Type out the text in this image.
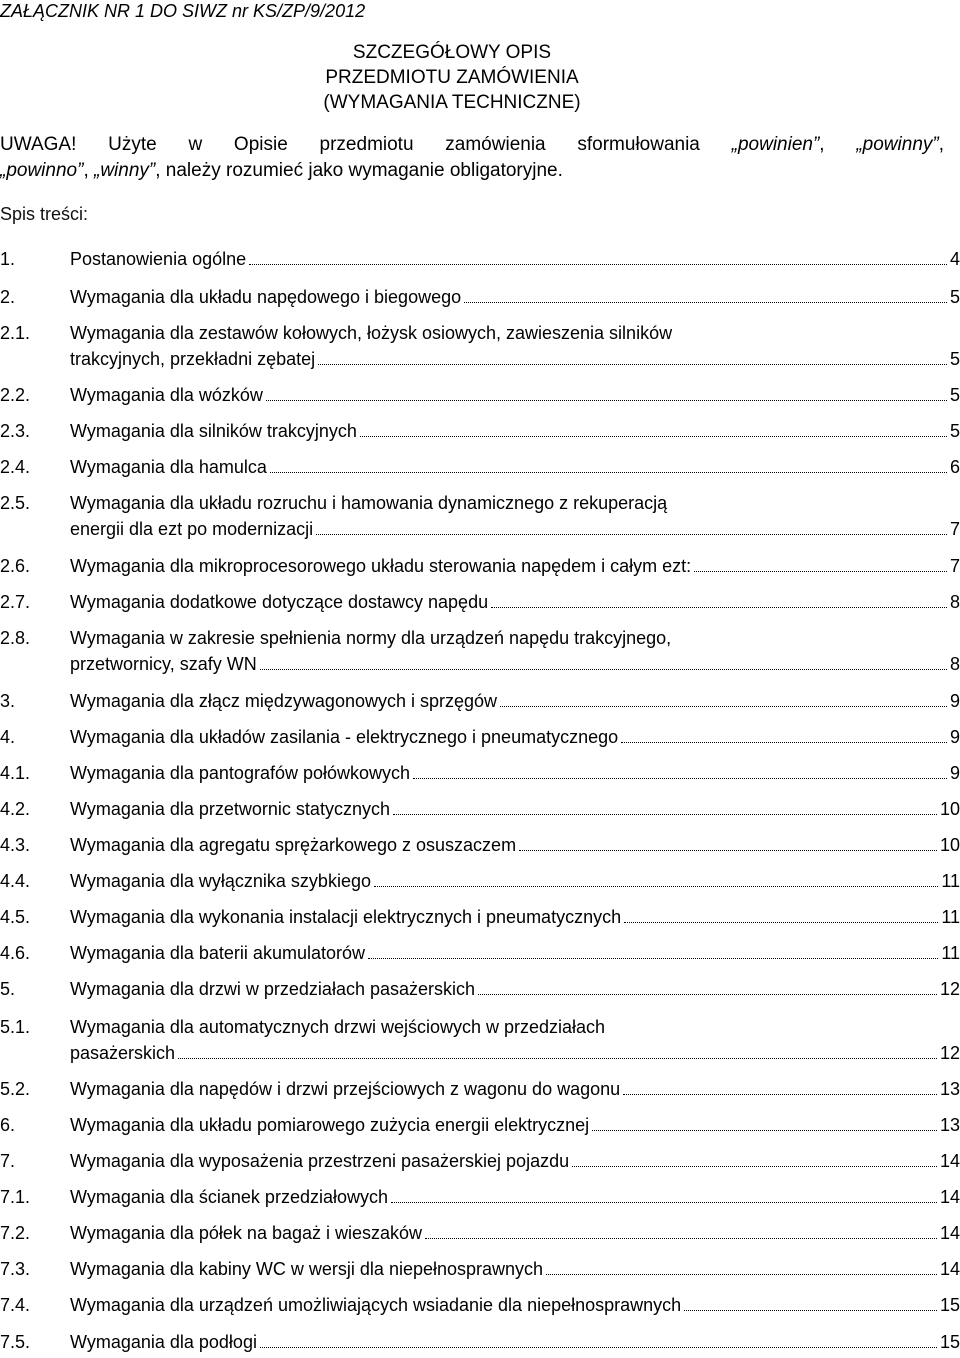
ZAŁĄCZNIK NR 1 DO SIWZ nr KS/ZP/9/2012
SZCZEGÓŁOWY OPIS
PRZEDMIOTU ZAMÓWIENIA
(WYMAGANIA TECHNICZNE)
UWAGA! Użyte w Opisie przedmiotu zamówienia sformułowania „powinien”, „powinny”,
„powinno”, „winny”, należy rozumieć jako wymaganie obligatoryjne.
Spis treści:
1.	Postanowienia ogólne	4
2.	Wymagania dla układu napędowego i biegowego	5
2.1. Wymagania dla zestawów kołowych, łożysk osiowych, zawieszenia silników
trakcyjnych, przekładni zębatej	5
2.2. Wymagania dla wózków	5
2.3. Wymagania dla silników trakcyjnych	5
2.4. Wymagania dla hamulca	6
2.5. Wymagania dla układu rozruchu i hamowania dynamicznego z rekuperacją
energii dla ezt po modernizacji	7
2.6. Wymagania dla mikroprocesorowego układu sterowania napędem i całym ezt:	7
2.7. Wymagania dodatkowe dotyczące dostawcy napędu	8
2.8. Wymagania w zakresie spełnienia normy dla urządzeń napędu trakcyjnego,
przetwornicy, szafy WN	8
3.	Wymagania dla złącz międzywagonowych i sprzęgów	9
4.	Wymagania dla układów zasilania - elektrycznego i pneumatycznego	9
4.1. Wymagania dla pantografów połówkowych	9
4.2. Wymagania dla przetwornic statycznych	10
4.3. Wymagania dla agregatu sprężarkowego z osuszaczem	10
4.4. Wymagania dla wyłącznika szybkiego	11
4.5. Wymagania dla wykonania instalacji elektrycznych i pneumatycznych	11
4.6. Wymagania dla baterii akumulatorów	11
5.	Wymagania dla drzwi w przedziałach pasażerskich	12
5.1. Wymagania dla automatycznych drzwi wejściowych w przedziałach
pasażerskich	12
5.2. Wymagania dla napędów i drzwi przejściowych z wagonu do wagonu	13
6.	Wymagania dla układu pomiarowego zużycia energii elektrycznej	13
7.	Wymagania dla wyposażenia przestrzeni pasażerskiej pojazdu	14
7.1. Wymagania dla ścianek przedziałowych	14
7.2. Wymagania dla półek na bagaż i wieszaków	14
7.3. Wymagania dla kabiny WC w wersji dla niepełnosprawnych	14
7.4. Wymagania dla urządzeń umożliwiających wsiadanie dla niepełnosprawnych	15
7.5. Wymagania dla podłogi	15
